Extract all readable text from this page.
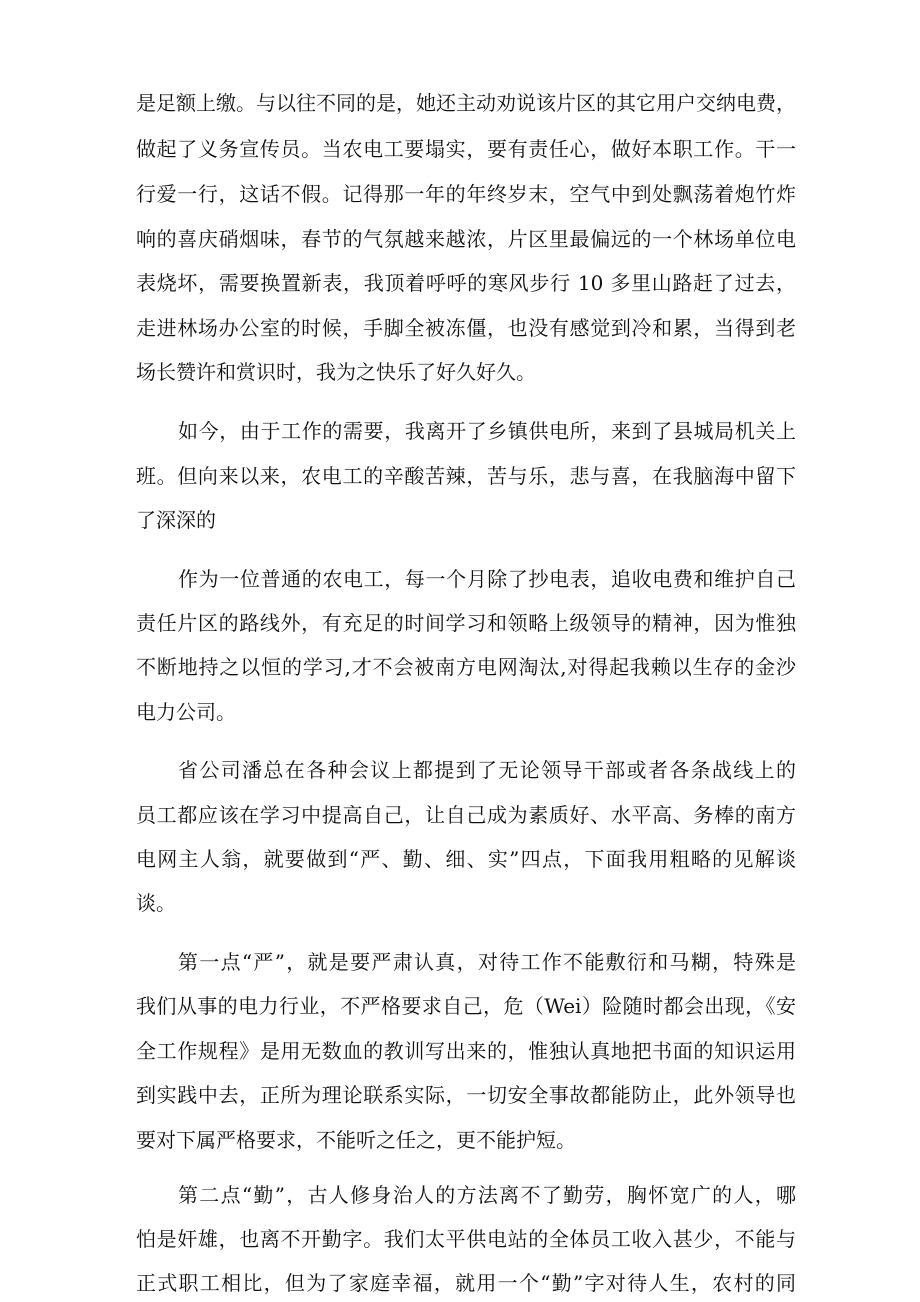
是足额上缴。与以往不同的是，她还主动劝说该片区的其它用户交纳电费，
做起了义务宣传员。当农电工要塌实，要有责任心，做好本职工作。干一
行爱一行，这话不假。记得那一年的年终岁末，空气中到处飘荡着炮竹炸
响的喜庆硝烟味，春节的气氛越来越浓，片区里最偏远的一个林场单位电
表烧坏，需要换置新表，我顶着呼呼的寒风步行 10 多里山路赶了过去，
走进林场办公室的时候，手脚全被冻僵，也没有感觉到冷和累，当得到老
场长赞许和赏识时，我为之快乐了好久好久。
如今，由于工作的需要，我离开了乡镇供电所，来到了县城局机关上
班。但向来以来，农电工的辛酸苦辣，苦与乐，悲与喜，在我脑海中留下
了深深的
作为一位普通的农电工，每一个月除了抄电表，追收电费和维护自己
责任片区的路线外，有充足的时间学习和领略上级领导的精神，因为惟独
不断地持之以恒的学习,才不会被南方电网淘汰,对得起我赖以生存的金沙
电力公司。
省公司潘总在各种会议上都提到了无论领导干部或者各条战线上的
员工都应该在学习中提高自己，让自己成为素质好、水平高、务棒的南方
电网主人翁，就要做到“严、勤、细、实”四点，下面我用粗略的见解谈
谈。
第一点“严”，就是要严肃认真，对待工作不能敷衍和马糊，特殊是
我们从事的电力行业，不严格要求自己，危（Wei）险随时都会出现，《安
全工作规程》是用无数血的教训写出来的，惟独认真地把书面的知识运用
到实践中去，正所为理论联系实际，一切安全事故都能防止，此外领导也
要对下属严格要求，不能听之任之，更不能护短。
第二点“勤”，古人修身治人的方法离不了勤劳，胸怀宽广的人，哪
怕是奸雄，也离不开勤字。我们太平供电站的全体员工收入甚少，不能与
正式职工相比，但为了家庭幸福，就用一个“勤”字对待人生，农村的同
